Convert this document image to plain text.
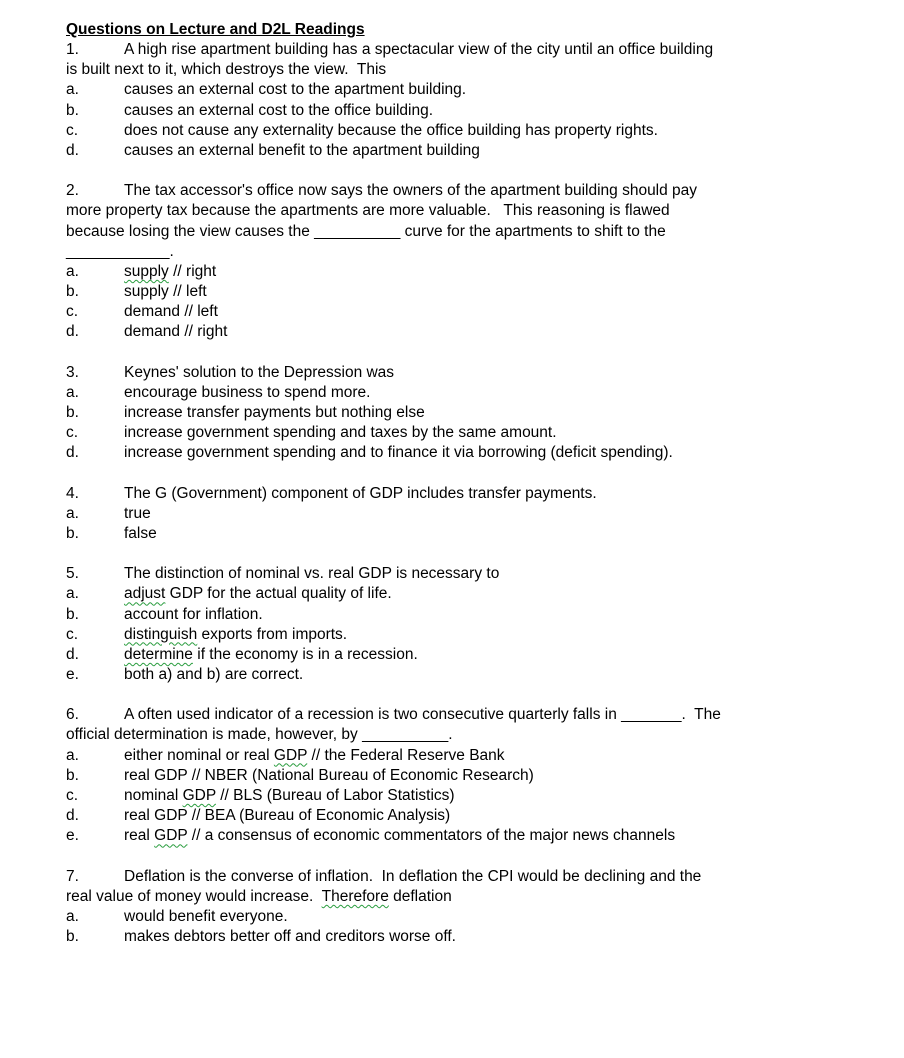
Questions on Lecture and D2L Readings
1.	A high rise apartment building has a spectacular view of the city until an office building
is built next to it, which destroys the view.  This
a.	causes an external cost to the apartment building.
b.	causes an external cost to the office building.
c.	does not cause any externality because the office building has property rights.
d.	causes an external benefit to the apartment building
2.	The tax accessor's office now says the owners of the apartment building should pay
more property tax because the apartments are more valuable.   This reasoning is flawed
because losing the view causes the __________ curve for the apartments to shift to the
____________.
a.	supply // right
b.	supply // left
c.	demand // left
d.	demand // right
3.	Keynes' solution to the Depression was
a.	encourage business to spend more.
b.	increase transfer payments but nothing else
c.	increase government spending and taxes by the same amount.
d.	increase government spending and to finance it via borrowing (deficit spending).
4.	The G (Government) component of GDP includes transfer payments.
a.	true
b.	false
5.	The distinction of nominal vs. real GDP is necessary to
a.	adjust GDP for the actual quality of life.
b.	account for inflation.
c.	distinguish exports from imports.
d.	determine if the economy is in a recession.
e.	both a) and b) are correct.
6.	A often used indicator of a recession is two consecutive quarterly falls in _______.  The
official determination is made, however, by __________.
a.	either nominal or real GDP // the Federal Reserve Bank
b.	real GDP // NBER (National Bureau of Economic Research)
c.	nominal GDP // BLS (Bureau of Labor Statistics)
d.	real GDP // BEA (Bureau of Economic Analysis)
e.	real GDP // a consensus of economic commentators of the major news channels
7.	Deflation is the converse of inflation.  In deflation the CPI would be declining and the
real value of money would increase.  Therefore deflation
a.	would benefit everyone.
b.	makes debtors better off and creditors worse off.
